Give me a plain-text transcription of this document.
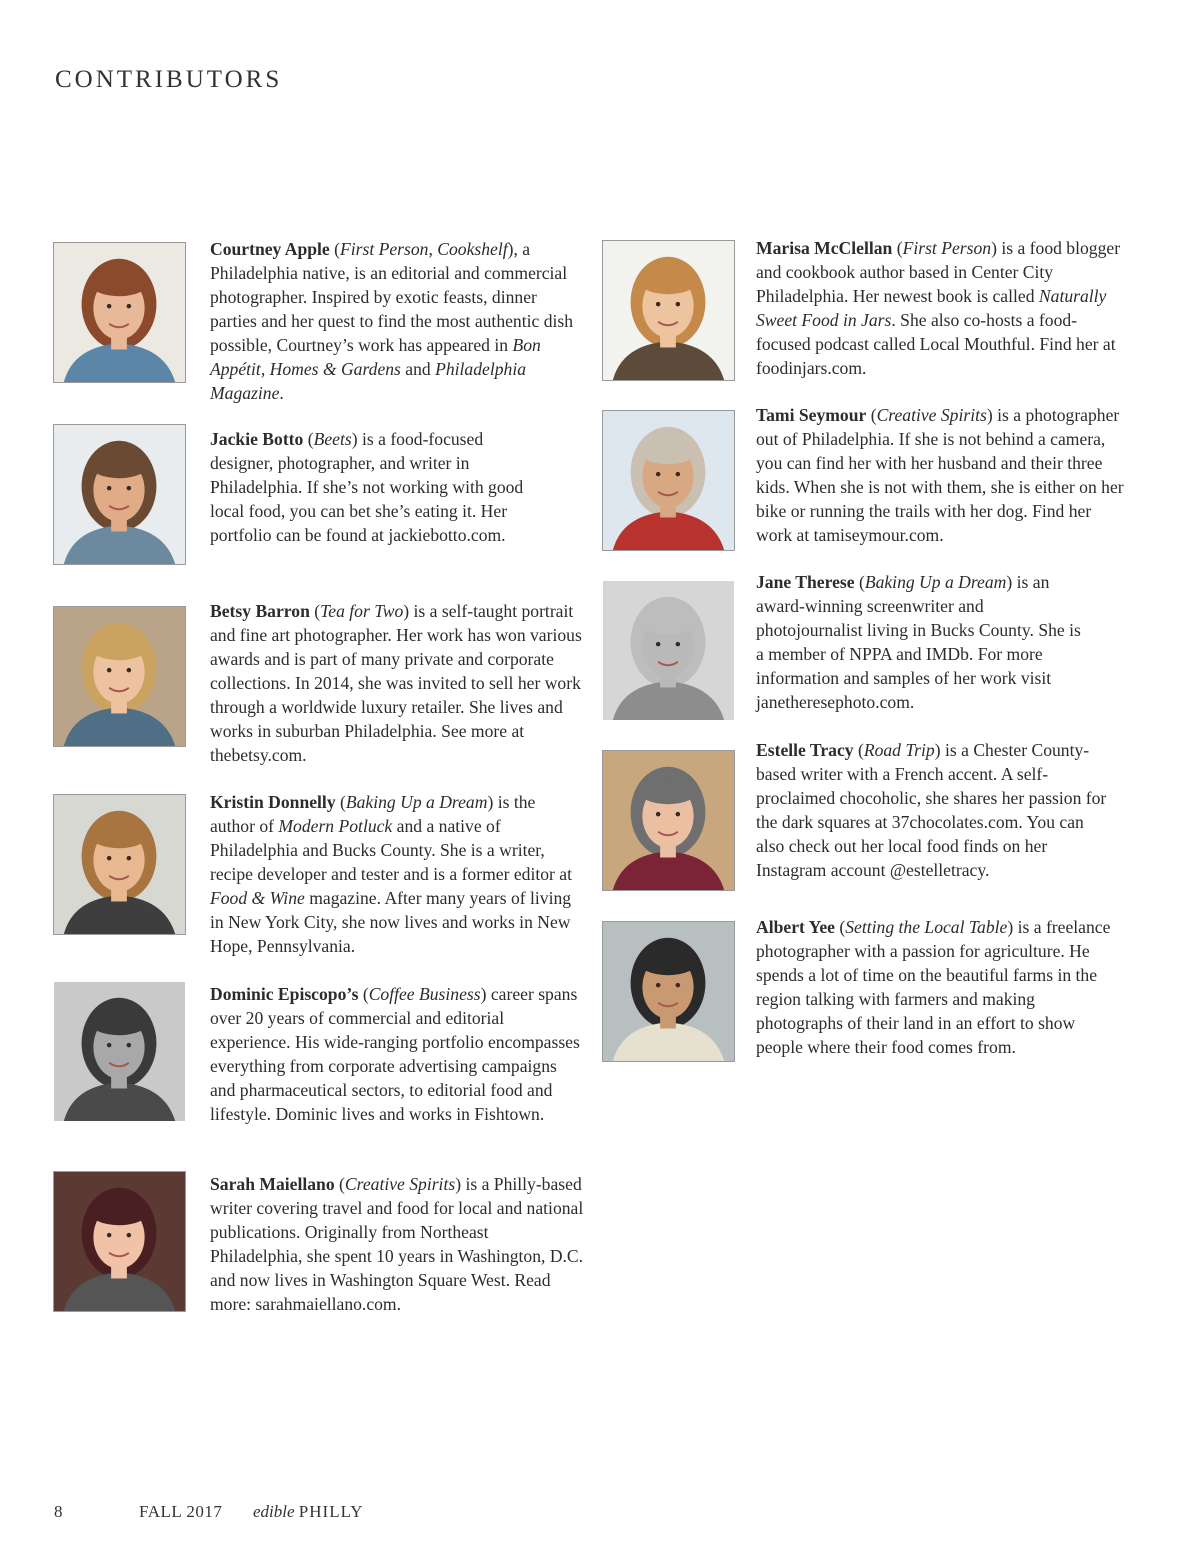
CONTRIBUTORS
Courtney Apple (First Person, Cookshelf), a Philadelphia native, is an editorial and commercial photographer. Inspired by exotic feasts, dinner parties and her quest to find the most authentic dish possible, Courtney’s work has appeared in Bon Appétit, Homes & Gardens and Philadelphia Magazine.
Jackie Botto (Beets) is a food-focused designer, photographer, and writer in Philadelphia. If she’s not working with good local food, you can bet she’s eating it. Her portfolio can be found at jackiebotto.com.
Betsy Barron (Tea for Two) is a self-taught portrait and fine art photographer. Her work has won various awards and is part of many private and corporate collections. In 2014, she was invited to sell her work through a worldwide luxury retailer. She lives and works in suburban Philadelphia. See more at thebetsy.com.
Kristin Donnelly (Baking Up a Dream) is the author of Modern Potluck and a native of Philadelphia and Bucks County. She is a writer, recipe developer and tester and is a former editor at Food & Wine magazine. After many years of living in New York City, she now lives and works in New Hope, Pennsylvania.
Dominic Episcopo’s (Coffee Business) career spans over 20 years of commercial and editorial experience. His wide-ranging portfolio encompasses everything from corporate advertising campaigns and pharmaceutical sectors, to editorial food and lifestyle. Dominic lives and works in Fishtown.
Sarah Maiellano (Creative Spirits) is a Philly-based writer covering travel and food for local and national publications. Originally from Northeast Philadelphia, she spent 10 years in Washington, D.C. and now lives in Washington Square West. Read more: sarahmaiellano.com.
Marisa McClellan (First Person) is a food blogger and cookbook author based in Center City Philadelphia. Her newest book is called Naturally Sweet Food in Jars. She also co-hosts a food-focused podcast called Local Mouthful. Find her at foodinjars.com.
Tami Seymour (Creative Spirits) is a photographer out of Philadelphia. If she is not behind a camera, you can find her with her husband and their three kids. When she is not with them, she is either on her bike or running the trails with her dog. Find her work at tamiseymour.com.
Jane Therese (Baking Up a Dream) is an award-winning screenwriter and photojournalist living in Bucks County. She is a member of NPPA and IMDb. For more information and samples of her work visit janetheresephoto.com.
Estelle Tracy (Road Trip) is a Chester County-based writer with a French accent. A self-proclaimed chocoholic, she shares her passion for the dark squares at 37chocolates.com. You can also check out her local food finds on her Instagram account @estelletracy.
Albert Yee (Setting the Local Table) is a freelance photographer with a passion for agriculture. He spends a lot of time on the beautiful farms in the region talking with farmers and making photographs of their land in an effort to show people where their food comes from.
8	FALL 2017 edible PHILLY
